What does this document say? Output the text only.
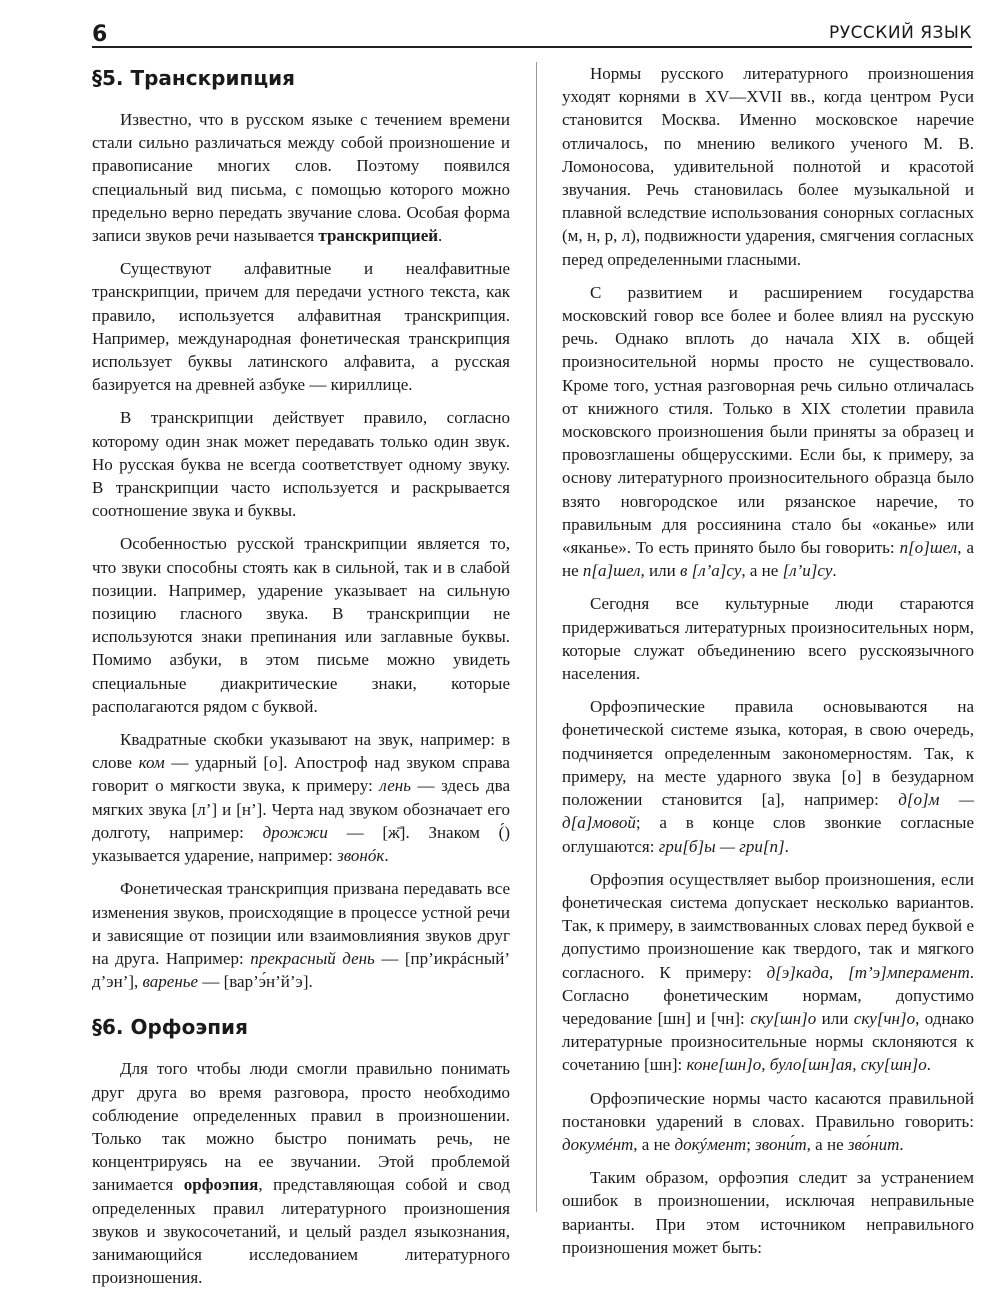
6	РУССКИЙ ЯЗЫК
§5. Транскрипция

Известно, что в русском языке с течением времени стали сильно различаться между собой произношение и правописание многих слов. Поэтому появился специальный вид письма, с помощью которого можно предельно верно передать звучание слова. Особая форма записи звуков речи называется транскрипцией.

Существуют алфавитные и неалфавитные транскрипции, причем для передачи устного текста, как правило, используется алфавитная транскрипция. Например, международная фонетическая транскрипция использует буквы латинского алфавита, а русская базируется на древней азбуке — кириллице.

В транскрипции действует правило, согласно которому один знак может передавать только один звук. Но русская буква не всегда соответствует одному звуку. В транскрипции часто используется и раскрывается соотношение звука и буквы.

Особенностью русской транскрипции является то, что звуки способны стоять как в сильной, так и в слабой позиции. Например, ударение указывает на сильную позицию гласного звука. В транскрипции не используются знаки препинания или заглавные буквы. Помимо азбуки, в этом письме можно увидеть специальные диакритические знаки, которые располагаются рядом с буквой.

Квадратные скобки указывают на звук, например: в слове ком — ударный [о]. Апостроф над звуком справа говорит о мягкости звука, к примеру: лень — здесь два мягких звука [л’] и [н’]. Черта над звуком обозначает его долготу, например: дрожжи — [ж̄]. Знаком (́) указывается ударение, например: звонóк.

Фонетическая транскрипция призвана передавать все изменения звуков, происходящие в процессе устной речи и зависящие от позиции или взаимовлияния звуков друг на друга. Например: прекрасный день — [пр’икрáсный’ д’эн’], варенье — [вар’э́н’й’э].

§6. Орфоэпия

Для того чтобы люди смогли правильно понимать друг друга во время разговора, просто необходимо соблюдение определенных правил в произношении. Только так можно быстро понимать речь, не концентрируясь на ее звучании. Этой проблемой занимается орфоэпия, представляющая собой и свод определенных правил литературного произношения звуков и звукосочетаний, и целый раздел языкознания, занимающийся исследованием литературного произношения.

Нормы русского литературного произношения уходят корнями в XV—XVII вв., когда центром Руси становится Москва. Именно московское наречие отличалось, по мнению великого ученого М. В. Ломоносова, удивительной полнотой и красотой звучания. Речь становилась более музыкальной и плавной вследствие использования сонорных согласных (м, н, р, л), подвижности ударения, смягчения согласных перед определенными гласными.

С развитием и расширением государства московский говор все более и более влиял на русскую речь. Однако вплоть до начала XIX в. общей произносительной нормы просто не существовало. Кроме того, устная разговорная речь сильно отличалась от книжного стиля. Только в XIX столетии правила московского произношения были приняты за образец и провозглашены общерусскими. Если бы, к примеру, за основу литературного произносительного образца было взято новгородское или рязанское наречие, то правильным для россиянина стало бы «оканье» или «яканье». То есть принято было бы говорить: п[о]шел, а не п[а]шел, или в [л’а]су, а не [л’и]су.

Сегодня все культурные люди стараются придерживаться литературных произносительных норм, которые служат объединению всего русскоязычного населения.

Орфоэпические правила основываются на фонетической системе языка, которая, в свою очередь, подчиняется определенным закономерностям. Так, к примеру, на месте ударного звука [о] в безударном положении становится [а], например: д[о]м — д[а]мовой; а в конце слов звонкие согласные оглушаются: гри[б]ы — гри[п].

Орфоэпия осуществляет выбор произношения, если фонетическая система допускает несколько вариантов. Так, к примеру, в заимствованных словах перед буквой е допустимо произношение как твердого, так и мягкого согласного. К примеру: д[э]када, [т’э]мперамент. Согласно фонетическим нормам, допустимо чередование [шн] и [чн]: ску[шн]о или ску[чн]о, однако литературные произносительные нормы склоняются к сочетанию [шн]: коне[шн]о, було[шн]ая, ску[шн]о.

Орфоэпические нормы часто касаются правильной постановки ударений в словах. Правильно говорить: докумéнт, а не докýмент; звони́т, а не зво́нит.

Таким образом, орфоэпия следит за устранением ошибок в произношении, исключая неправильные варианты. При этом источником неправильного произношения может быть:
